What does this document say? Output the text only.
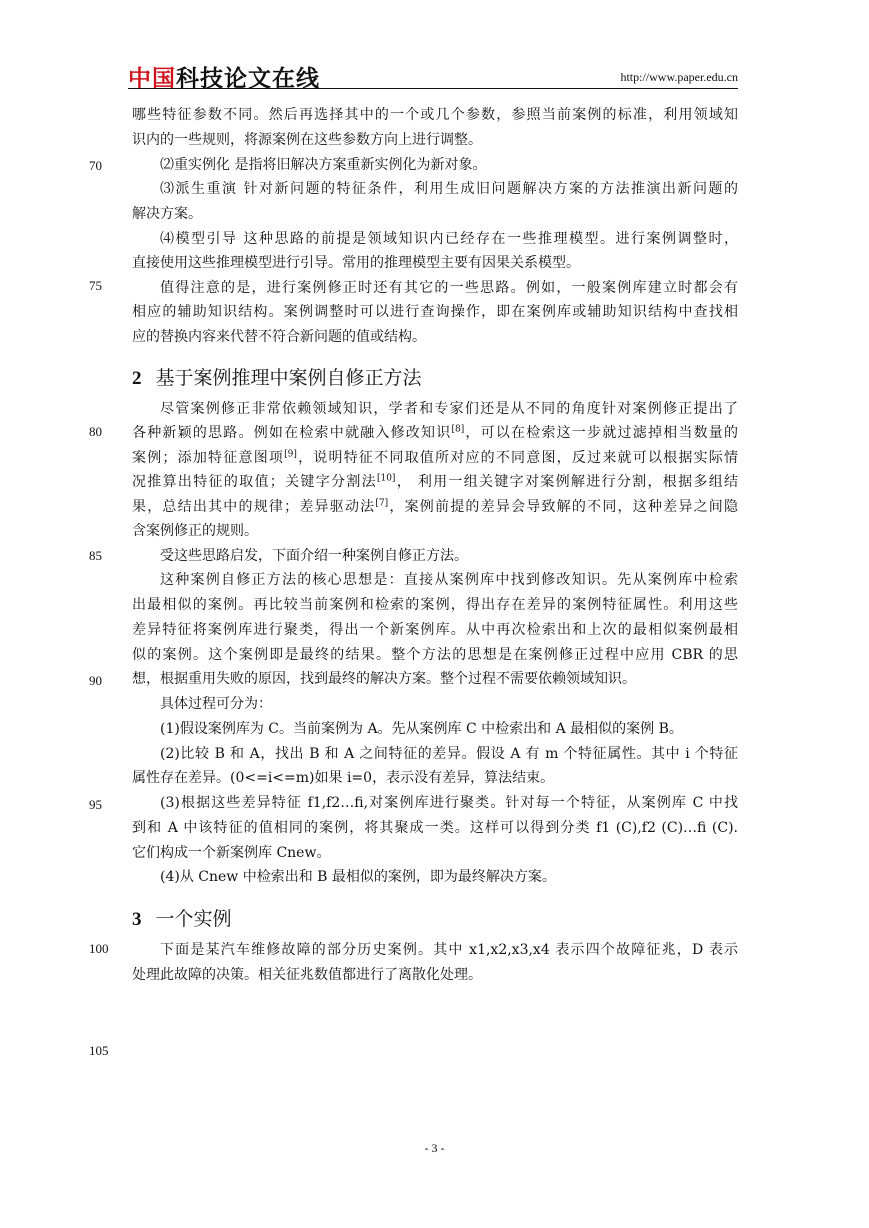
中国科技论文在线	http://www.paper.edu.cn
70
75
80
85
90
95
100
105
哪些特征参数不同。然后再选择其中的一个或几个参数，参照当前案例的标准，利用领域知
识内的一些规则，将源案例在这些参数方向上进行调整。
⑵重实例化 是指将旧解决方案重新实例化为新对象。
⑶派生重演 针对新问题的特征条件，利用生成旧问题解决方案的方法推演出新问题的
解决方案。
⑷模型引导 这种思路的前提是领域知识内已经存在一些推理模型。进行案例调整时，
直接使用这些推理模型进行引导。常用的推理模型主要有因果关系模型。
值得注意的是，进行案例修正时还有其它的一些思路。例如，一般案例库建立时都会有
相应的辅助知识结构。案例调整时可以进行查询操作，即在案例库或辅助知识结构中查找相
应的替换内容来代替不符合新问题的值或结构。
2 基于案例推理中案例自修正方法
尽管案例修正非常依赖领域知识，学者和专家们还是从不同的角度针对案例修正提出了
各种新颖的思路。例如在检索中就融入修改知识[8]，可以在检索这一步就过滤掉相当数量的
案例；添加特征意图项[9]，说明特征不同取值所对应的不同意图，反过来就可以根据实际情
况推算出特征的取值；关键字分割法[10]， 利用一组关键字对案例解进行分割，根据多组结
果，总结出其中的规律；差异驱动法[7]，案例前提的差异会导致解的不同，这种差异之间隐
含案例修正的规则。
受这些思路启发，下面介绍一种案例自修正方法。
这种案例自修正方法的核心思想是：直接从案例库中找到修改知识。先从案例库中检索
出最相似的案例。再比较当前案例和检索的案例，得出存在差异的案例特征属性。利用这些
差异特征将案例库进行聚类，得出一个新案例库。从中再次检索出和上次的最相似案例最相
似的案例。这个案例即是最终的结果。整个方法的思想是在案例修正过程中应用 CBR 的思
想，根据重用失败的原因，找到最终的解决方案。整个过程不需要依赖领域知识。
具体过程可分为：
(1)假设案例库为 C。当前案例为 A。先从案例库 C 中检索出和 A 最相似的案例 B。
(2)比较 B 和 A，找出 B 和 A 之间特征的差异。假设 A 有 m 个特征属性。其中 i 个特征
属性存在差异。(0<=i<=m)如果 i=0，表示没有差异，算法结束。
(3)根据这些差异特征 f1,f2…fi,对案例库进行聚类。针对每一个特征，从案例库 C 中找
到和 A 中该特征的值相同的案例，将其聚成一类。这样可以得到分类 f1 (C),f2 (C)…fi (C).
它们构成一个新案例库 Cnew。
(4)从 Cnew 中检索出和 B 最相似的案例，即为最终解决方案。
3 一个实例
下面是某汽车维修故障的部分历史案例。其中 x1,x2,x3,x4 表示四个故障征兆，D 表示
处理此故障的决策。相关征兆数值都进行了离散化处理。
- 3 -
